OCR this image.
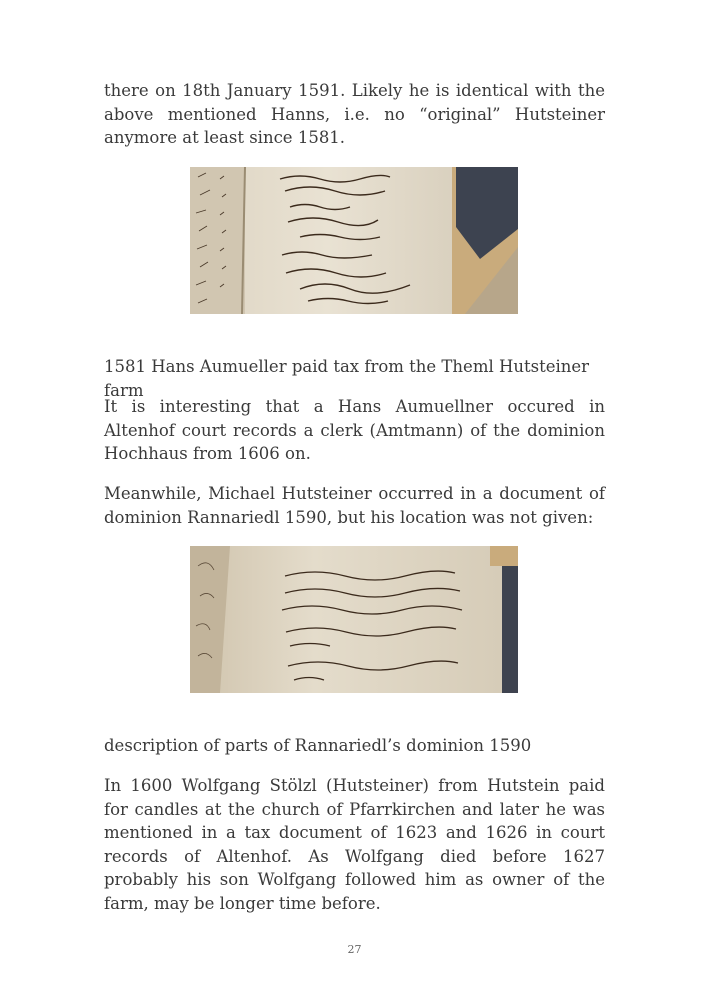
there on 18th January 1591. Likely he is identical with the above mentioned Hanns, i.e. no “original” Hutsteiner anymore at least since 1581.

1581 Hans Aumueller paid tax from the Theml Hutsteiner farm

It is interesting that a Hans Aumuellner occured in Altenhof court records a clerk (Amtmann) of the dominion Hochhaus from 1606 on.

Meanwhile, Michael Hutsteiner occurred in a document of dominion Rannariedl 1590, but his location was not given:

description of parts of Rannariedl’s dominion 1590

In 1600 Wolfgang Stölzl (Hutsteiner) from Hutstein paid for candles at the church of Pfarrkirchen and later he was mentioned in a tax document of 1623 and 1626 in court records of Altenhof. As Wolfgang died before 1627 probably his son Wolfgang followed him as owner of the farm, may be longer time before.

27
